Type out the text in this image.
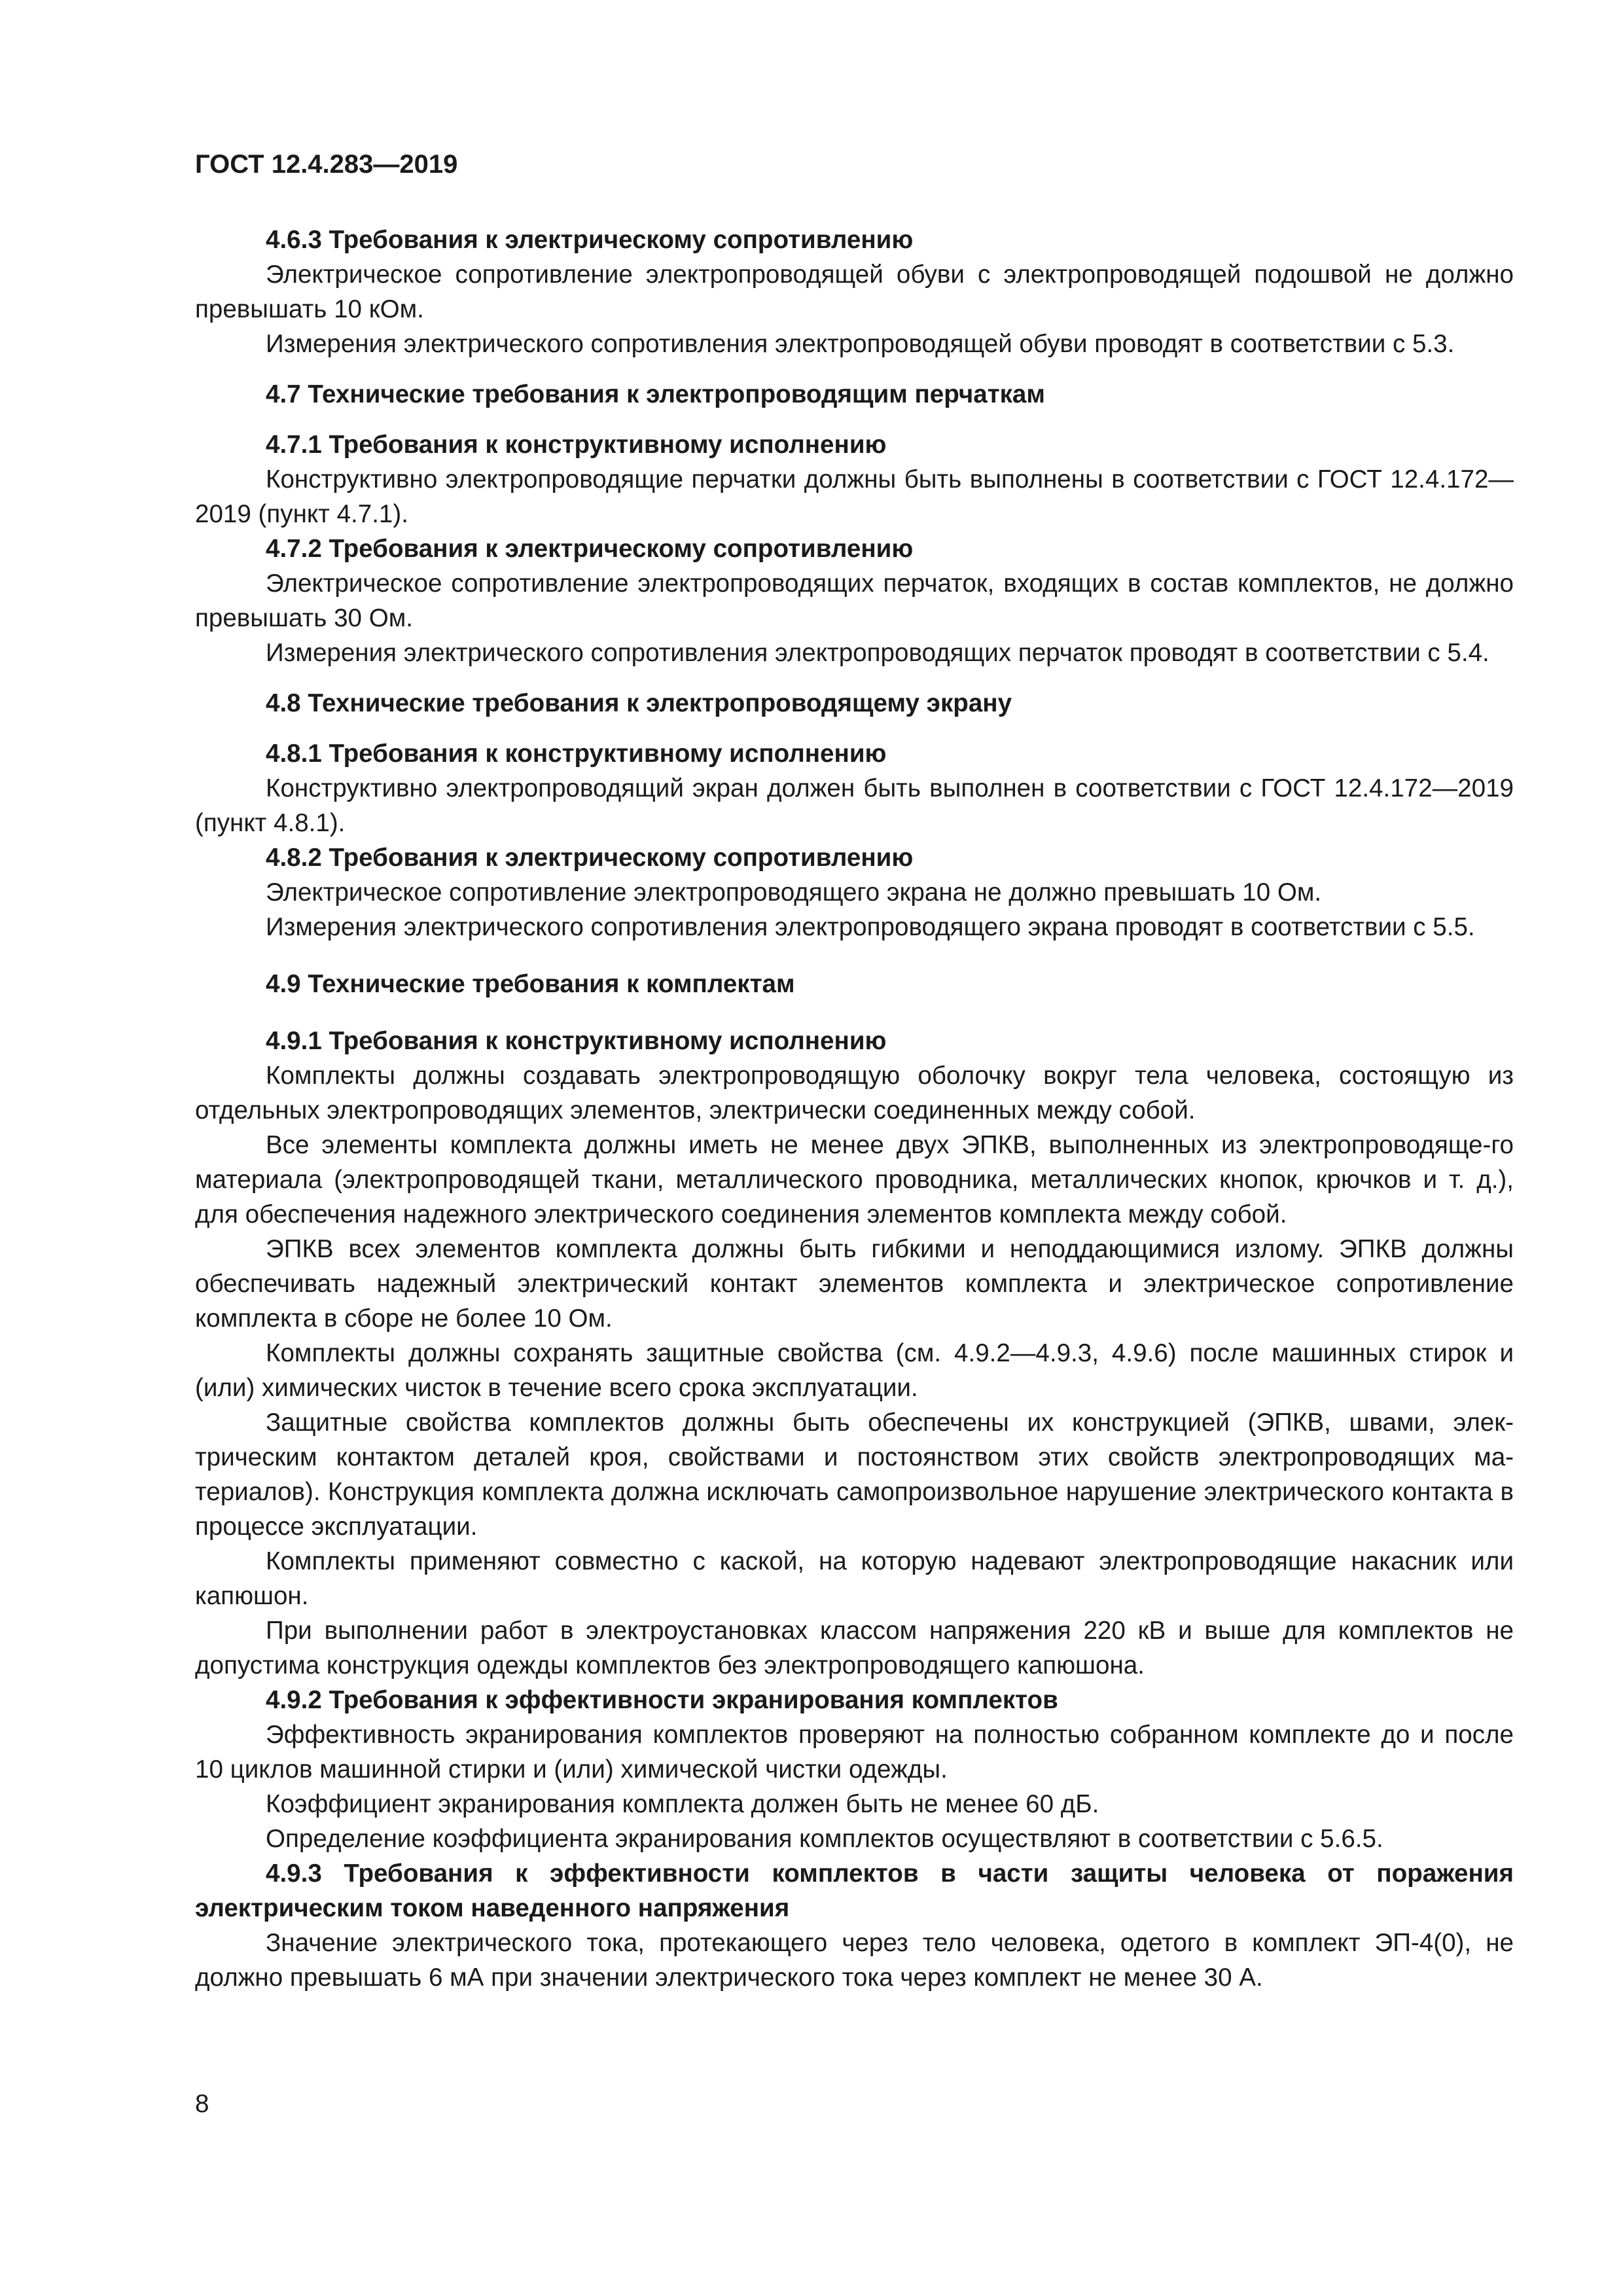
ГОСТ 12.4.283—2019

4.6.3 Требования к электрическому сопротивлению

Электрическое сопротивление электропроводящей обуви с электропроводящей подошвой не должно превышать 10 кОм.

Измерения электрического сопротивления электропроводящей обуви проводят в соответствии с 5.3.

4.7 Технические требования к электропроводящим перчаткам

4.7.1 Требования к конструктивному исполнению

Конструктивно электропроводящие перчатки должны быть выполнены в соответствии с ГОСТ 12.4.172—2019 (пункт 4.7.1).

4.7.2 Требования к электрическому сопротивлению

Электрическое сопротивление электропроводящих перчаток, входящих в состав комплектов, не должно превышать 30 Ом.

Измерения электрического сопротивления электропроводящих перчаток проводят в соответствии с 5.4.

4.8 Технические требования к электропроводящему экрану

4.8.1 Требования к конструктивному исполнению

Конструктивно электропроводящий экран должен быть выполнен в соответствии с ГОСТ 12.4.172—2019 (пункт 4.8.1).

4.8.2 Требования к электрическому сопротивлению

Электрическое сопротивление электропроводящего экрана не должно превышать 10 Ом.

Измерения электрического сопротивления электропроводящего экрана проводят в соответствии с 5.5.

4.9 Технические требования к комплектам

4.9.1 Требования к конструктивному исполнению

Комплекты должны создавать электропроводящую оболочку вокруг тела человека, состоящую из отдельных электропроводящих элементов, электрически соединенных между собой.

Все элементы комплекта должны иметь не менее двух ЭПКВ, выполненных из электропроводяще-го материала (электропроводящей ткани, металлического проводника, металлических кнопок, крючков и т. д.), для обеспечения надежного электрического соединения элементов комплекта между собой.

ЭПКВ всех элементов комплекта должны быть гибкими и неподдающимися излому. ЭПКВ должны обеспечивать надежный электрический контакт элементов комплекта и электрическое сопротивление комплекта в сборе не более 10 Ом.

Комплекты должны сохранять защитные свойства (см. 4.9.2—4.9.3, 4.9.6) после машинных стирок и (или) химических чисток в течение всего срока эксплуатации.

Защитные свойства комплектов должны быть обеспечены их конструкцией (ЭПКВ, швами, элек-трическим контактом деталей кроя, свойствами и постоянством этих свойств электропроводящих ма-териалов). Конструкция комплекта должна исключать самопроизвольное нарушение электрического контакта в процессе эксплуатации.

Комплекты применяют совместно с каской, на которую надевают электропроводящие накасник или капюшон.

При выполнении работ в электроустановках классом напряжения 220 кВ и выше для комплектов не допустима конструкция одежды комплектов без электропроводящего капюшона.

4.9.2 Требования к эффективности экранирования комплектов

Эффективность экранирования комплектов проверяют на полностью собранном комплекте до и после 10 циклов машинной стирки и (или) химической чистки одежды.

Коэффициент экранирования комплекта должен быть не менее 60 дБ.

Определение коэффициента экранирования комплектов осуществляют в соответствии с 5.6.5.

4.9.3 Требования к эффективности комплектов в части защиты человека от поражения электрическим током наведенного напряжения

Значение электрического тока, протекающего через тело человека, одетого в комплект ЭП-4(0), не должно превышать 6 мА при значении электрического тока через комплект не менее 30 А.

8
